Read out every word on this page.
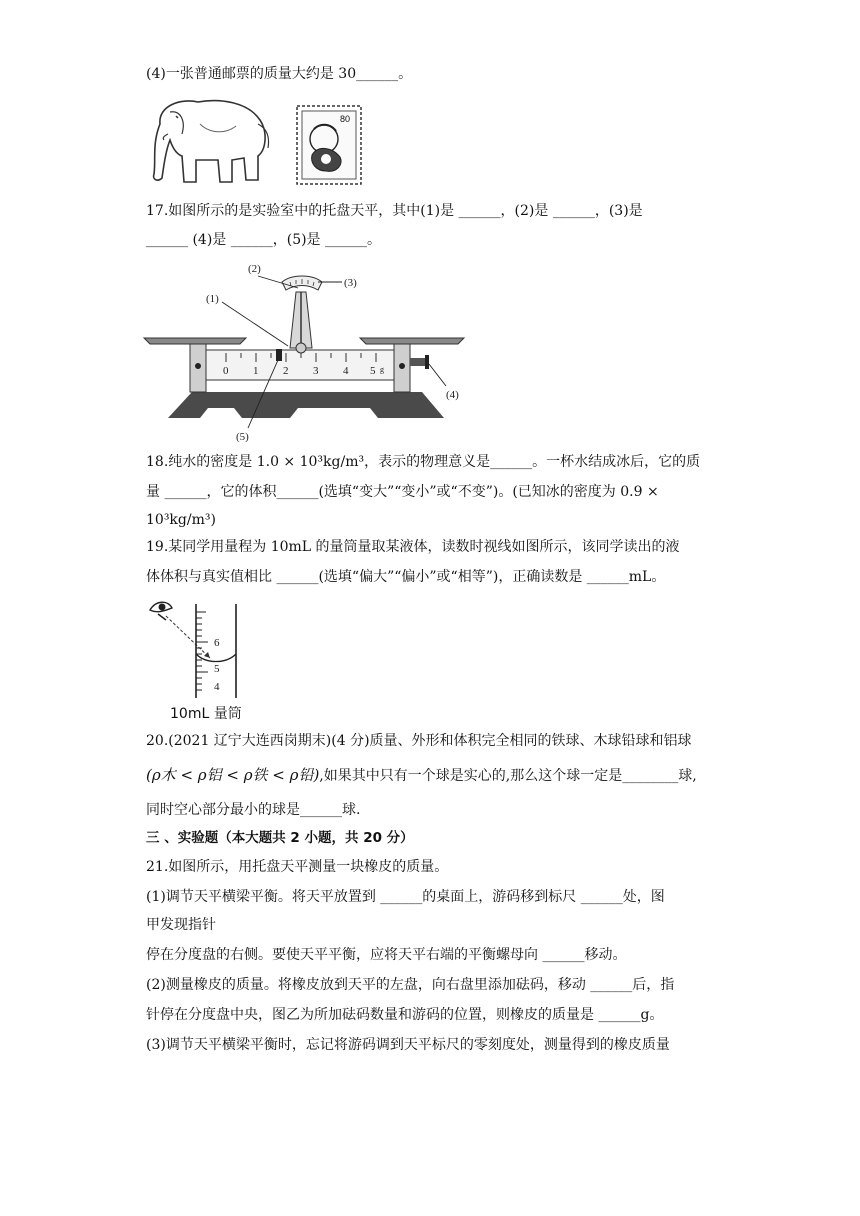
(4)一张普通邮票的质量大约是 30______。
80
17.如图所示的是实验室中的托盘天平，其中(1)是 ______，(2)是 ______，(3)是
______ (4)是 ______，(5)是 ______。
0 1 2 3 4 5 g
(1)
(2)
(3)
(4)
(5)
18.纯水的密度是 1.0 × 10³kg/m³，表示的物理意义是______。一杯水结成冰后，它的质
量 ______，它的体积______(选填“变大”“变小”或“不变”)。(已知冰的密度为 0.9 ×
10³kg/m³)
19.某同学用量程为 10mL 的量筒量取某液体，读数时视线如图所示，该同学读出的液
体体积与真实值相比 ______(选填“偏大”“偏小”或“相等”)，正确读数是 ______mL。
6
5
4
10mL 量筒
20.(2021 辽宁大连西岗期末)(4 分)质量、外形和体积完全相同的铁球、木球铅球和铝球
(ρ木 < ρ铝 < ρ铁 < ρ铅),如果其中只有一个球是实心的,那么这个球一定是________球,
同时空心部分最小的球是______球.
三 、实验题（本大题共 2 小题，共 20 分）
21.如图所示，用托盘天平测量一块橡皮的质量。
(1)调节天平横梁平衡。将天平放置到 ______的桌面上，游码移到标尺 ______处，图
甲发现指针
停在分度盘的右侧。要使天平平衡，应将天平右端的平衡螺母向 ______移动。
(2)测量橡皮的质量。将橡皮放到天平的左盘，向右盘里添加砝码，移动 ______后，指
针停在分度盘中央，图乙为所加砝码数量和游码的位置，则橡皮的质量是 ______g。
(3)调节天平横梁平衡时，忘记将游码调到天平标尺的零刻度处，测量得到的橡皮质量
